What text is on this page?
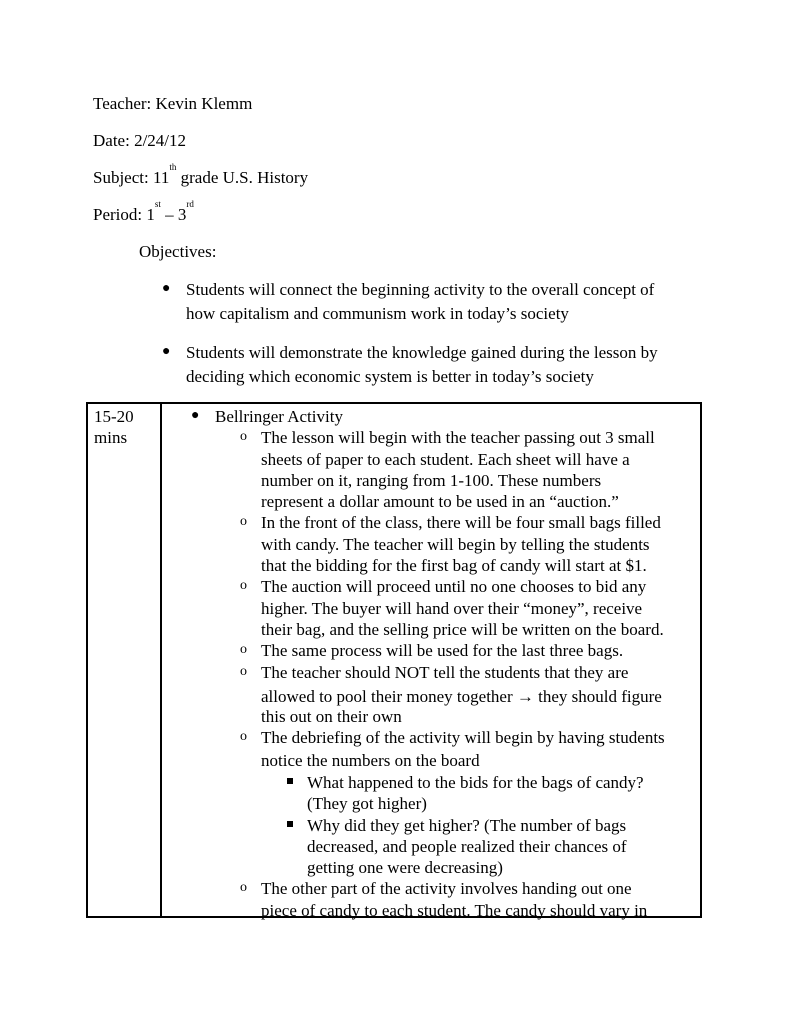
Teacher: Kevin Klemm
Date: 2/24/12
Subject: 11th grade U.S. History
Period: 1st – 3rd
Objectives:
● Students will connect the beginning activity to the overall concept of
how capitalism and communism work in today’s society
● Students will demonstrate the knowledge gained during the lesson by
deciding which economic system is better in today’s society
15-20
mins

● Bellringer Activity
o The lesson will begin with the teacher passing out 3 small
sheets of paper to each student. Each sheet will have a
number on it, ranging from 1-100. These numbers
represent a dollar amount to be used in an “auction.”
o In the front of the class, there will be four small bags filled
with candy. The teacher will begin by telling the students
that the bidding for the first bag of candy will start at $1.
o The auction will proceed until no one chooses to bid any
higher. The buyer will hand over their “money”, receive
their bag, and the selling price will be written on the board.
o The same process will be used for the last three bags.
o The teacher should NOT tell the students that they are
allowed to pool their money together → they should figure
this out on their own
o The debriefing of the activity will begin by having students
notice the numbers on the board
What happened to the bids for the bags of candy?
(They got higher)
Why did they get higher? (The number of bags
decreased, and people realized their chances of
getting one were decreasing)
o The other part of the activity involves handing out one
piece of candy to each student. The candy should vary in
